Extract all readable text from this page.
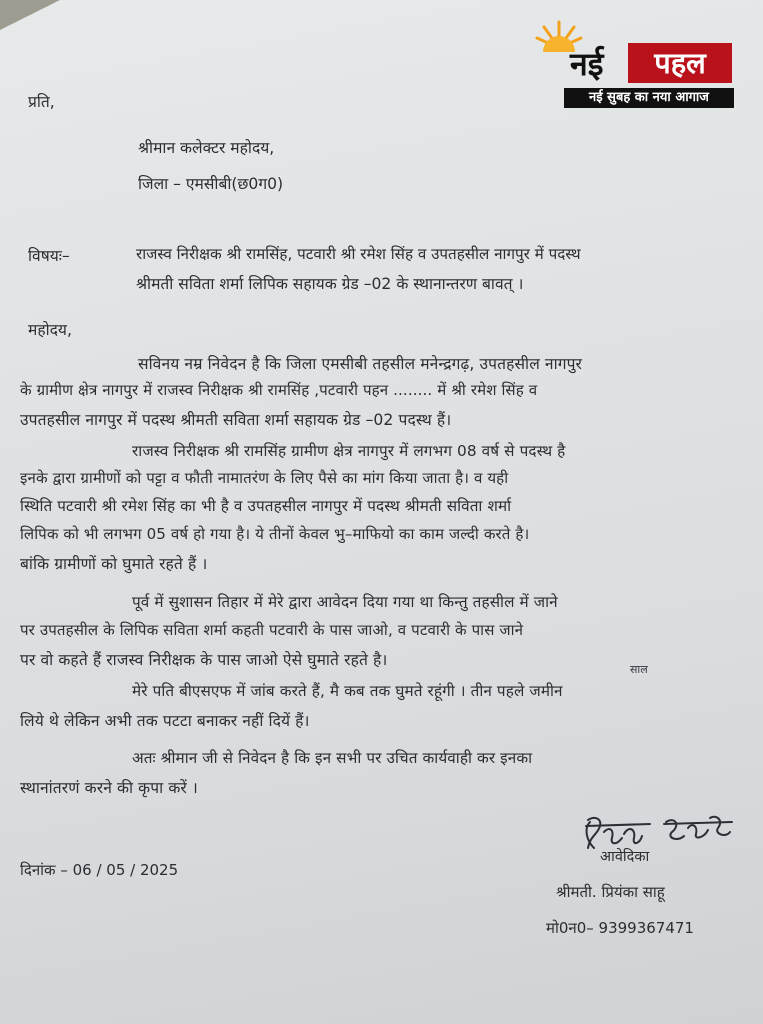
नई	पहल
नई सुबह का नया आगाज
प्रति,
श्रीमान कलेक्टर महोदय,
जिला – एमसीबी(छ0ग0)
विषयः–	राजस्व निरीक्षक श्री रामसिंह, पटवारी श्री रमेश सिंह व उपतहसील नागपुर में पदस्थ
श्रीमती सविता शर्मा लिपिक सहायक ग्रेड –02 के स्थानान्तरण बावत् ।
महोदय,
सविनय नम्र निवेदन है कि जिला एमसीबी तहसील मनेन्द्रगढ़, उपतहसील नागपुर
के ग्रामीण क्षेत्र नागपुर में राजस्व निरीक्षक श्री रामसिंह ,पटवारी पहन ........ में श्री रमेश सिंह व
उपतहसील नागपुर में पदस्थ श्रीमती सविता शर्मा सहायक ग्रेड –02 पदस्थ हैं।
राजस्व निरीक्षक श्री रामसिंह ग्रामीण क्षेत्र नागपुर में लगभग 08 वर्ष से पदस्थ है
इनके द्वारा ग्रामीणों को पट्टा व फौती नामातरंण के लिए पैसे का मांग किया जाता है। व यही
स्थिति पटवारी श्री रमेश सिंह का भी है व उपतहसील नागपुर में पदस्थ श्रीमती सविता शर्मा
लिपिक को भी लगभग 05 वर्ष हो गया है। ये तीनों केवल भु–माफियो का काम जल्दी करते है।
बांकि ग्रामीणों को घुमाते रहते हैं ।
पूर्व में सुशासन तिहार में मेरे द्वारा आवेदन दिया गया था किन्तु तहसील में जाने
पर उपतहसील के लिपिक सविता शर्मा कहती पटवारी के पास जाओ, व पटवारी के पास जाने
पर वो कहते हैं राजस्व निरीक्षक के पास जाओ ऐसे घुमाते रहते है।
साल
मेरे पति बीएसएफ में जांब करते हैं, मै कब तक घुमते रहूंगी । तीन पहले जमीन
लिये थे लेकिन अभी तक पटटा बनाकर नहीं दियें हैं।
अतः श्रीमान जी से निवेदन है कि इन सभी पर उचित कार्यवाही कर इनका
स्थानांतरणं करने की कृपा करें ।
आवेदिका
दिनांक – 06 / 05 / 2025
श्रीमती. प्रियंका साहू
मो0न0– 9399367471
